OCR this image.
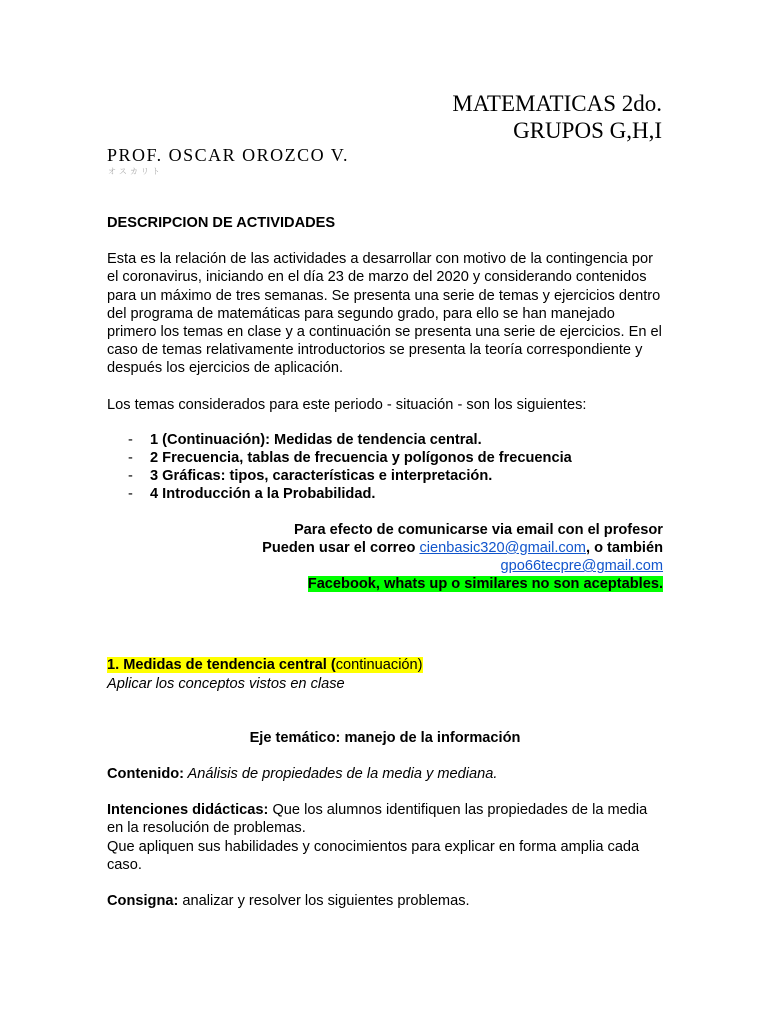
MATEMATICAS 2do.
GRUPOS G,H,I
PROF. OSCAR OROZCO V.
オスカリト

DESCRIPCION DE ACTIVIDADES

Esta es la relación de las actividades a desarrollar con motivo de la contingencia por el coronavirus, iniciando en el día 23 de marzo del 2020 y considerando contenidos para un máximo de tres semanas. Se presenta una serie de temas y ejercicios dentro del programa de matemáticas para segundo grado, para ello se han manejado primero los temas en clase y a continuación se presenta una serie de ejercicios. En el caso de temas relativamente introductorios se presenta la teoría correspondiente y después los ejercicios de aplicación.

Los temas considerados para este periodo - situación - son los siguientes:

-	1 (Continuación): Medidas de tendencia central.
-	2 Frecuencia, tablas de frecuencia y polígonos de frecuencia
-	3 Gráficas: tipos, características e interpretación.
-	4 Introducción a la Probabilidad.
Para efecto de comunicarse via email con el profesor
Pueden usar el correo cienbasic320@gmail.com, o también
gpo66tecpre@gmail.com
Facebook, whats up o similares no son aceptables.
1. Medidas de tendencia central (continuación)
Aplicar los conceptos vistos en clase

Eje temático: manejo de la información

Contenido: Análisis de propiedades de la media y mediana.

Intenciones didácticas: Que los alumnos identifiquen las propiedades de la media en la resolución de problemas.

Que apliquen sus habilidades y conocimientos para explicar en forma amplia cada caso.

Consigna: analizar y resolver los siguientes problemas.
